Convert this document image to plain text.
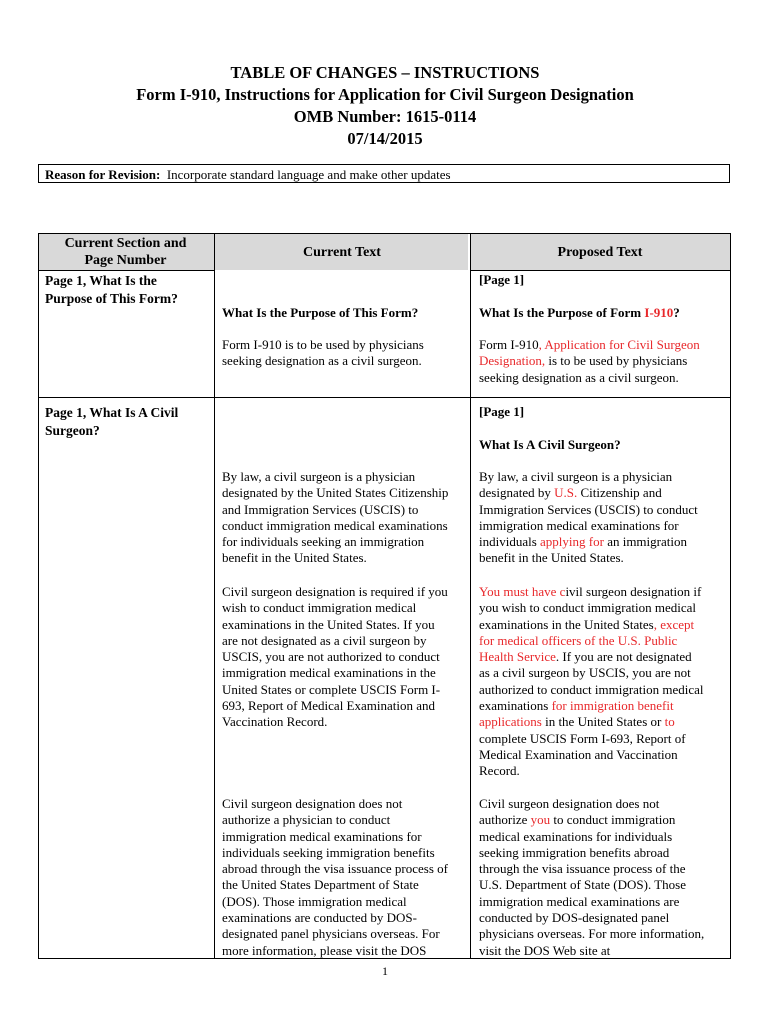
TABLE OF CHANGES – INSTRUCTIONS
Form I-910, Instructions for Application for Civil Surgeon Designation
OMB Number: 1615-0114
07/14/2015
Reason for Revision: Incorporate standard language and make other updates
Current Section and
Page Number
Current Text	Proposed Text
Page 1, What Is the
Purpose of This Form?
What Is the Purpose of This Form?
Form I-910 is to be used by physicians
seeking designation as a civil surgeon.
[Page 1]
What Is the Purpose of Form I-910?
Form I-910, Application for Civil Surgeon
Designation, is to be used by physicians
seeking designation as a civil surgeon.
Page 1, What Is A Civil
Surgeon?
By law, a civil surgeon is a physician
designated by the United States Citizenship
and Immigration Services (USCIS) to
conduct immigration medical examinations
for individuals seeking an immigration
benefit in the United States.
Civil surgeon designation is required if you
wish to conduct immigration medical
examinations in the United States. If you
are not designated as a civil surgeon by
USCIS, you are not authorized to conduct
immigration medical examinations in the
United States or complete USCIS Form I-
693, Report of Medical Examination and
Vaccination Record.
Civil surgeon designation does not
authorize a physician to conduct
immigration medical examinations for
individuals seeking immigration benefits
abroad through the visa issuance process of
the United States Department of State
(DOS). Those immigration medical
examinations are conducted by DOS-
designated panel physicians overseas. For
more information, please visit the DOS
[Page 1]
What Is A Civil Surgeon?
By law, a civil surgeon is a physician
designated by U.S. Citizenship and
Immigration Services (USCIS) to conduct
immigration medical examinations for
individuals applying for an immigration
benefit in the United States.
You must have civil surgeon designation if
you wish to conduct immigration medical
examinations in the United States, except
for medical officers of the U.S. Public
Health Service. If you are not designated
as a civil surgeon by USCIS, you are not
authorized to conduct immigration medical
examinations for immigration benefit
applications in the United States or to
complete USCIS Form I-693, Report of
Medical Examination and Vaccination
Record.
Civil surgeon designation does not
authorize you to conduct immigration
medical examinations for individuals
seeking immigration benefits abroad
through the visa issuance process of the
U.S. Department of State (DOS). Those
immigration medical examinations are
conducted by DOS-designated panel
physicians overseas. For more information,
visit the DOS Web site at
1
